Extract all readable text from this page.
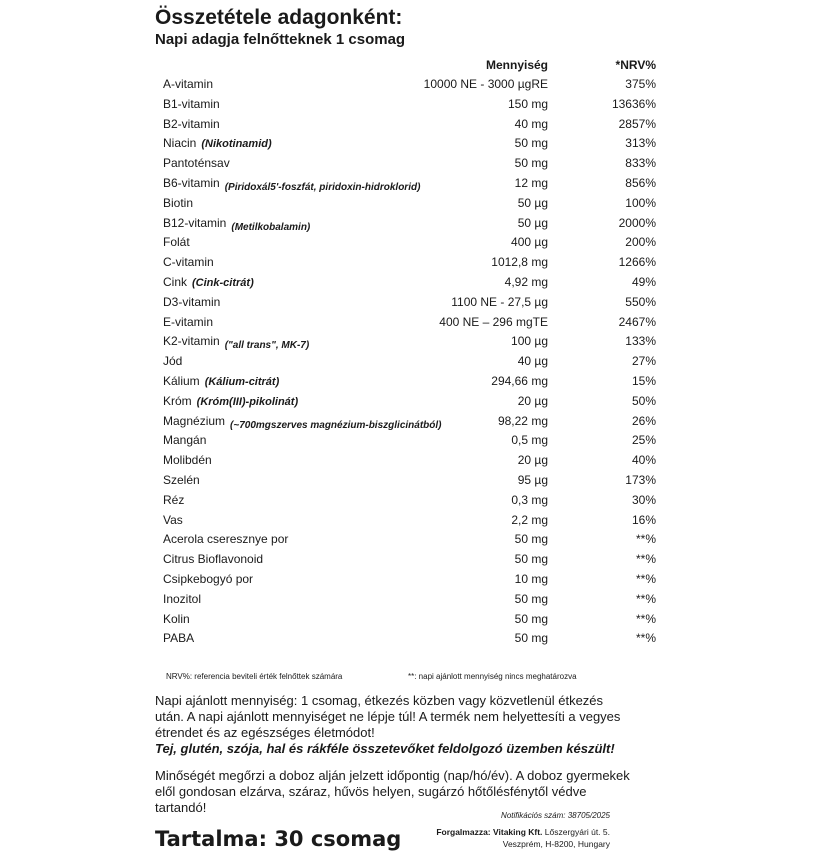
Összetétele adagonként:
Napi adagja felnőtteknek 1 csomag
Mennyiség	*NRV%
A-vitamin	10000 NE - 3000 µgRE	375%
B1-vitamin	150 mg	13636%
B2-vitamin	40 mg	2857%
Niacin (Nikotinamid)	50 mg	313%
Pantoténsav	50 mg	833%
B6-vitamin $_{(Piridoxál5'-foszfát, piridoxin-hidroklorid)}$	12 mg	856%
Biotin	50 µg	100%
B12-vitamin $_{(Metilkobalamin)}$	50 µg	2000%
Folát	400 µg	200%
C-vitamin	1012,8 mg	1266%
Cink (Cink-citrát)	4,92 mg	49%
D3-vitamin	1100 NE - 27,5 µg	550%
E-vitamin	400 NE – 296 mgTE	2467%
K2-vitamin $_{("all trans", MK-7)}$	100 µg	133%
Jód	40 µg	27%
Kálium (Kálium-citrát)	294,66 mg	15%
Króm (Króm(III)-pikolinát)	20 µg	50%
Magnézium $_{(\sim 700mgszerves magnézium-biszglicinátból)}$	98,22 mg	26%
Mangán	0,5 mg	25%
Molibdén	20 µg	40%
Szelén	95 µg	173%
Réz	0,3 mg	30%
Vas	2,2 mg	16%
Acerola cseresznye por	50 mg	**%
Citrus Bioflavonoid	50 mg	**%
Csipkebogyó por	10 mg	**%
Inozitol	50 mg	**%
Kolin	50 mg	**%
PABA	50 mg	**%
NRV%: referencia beviteli érték felnőttek számára	**: napi ajánlott mennyiség nincs meghatározva
Napi ajánlott mennyiség: 1 csomag, étkezés közben vagy közvetlenül étkezés után. A napi ajánlott mennyiséget ne lépje túl! A termék nem helyettesíti a vegyes étrendet és az egészséges életmódot!
Tej, glutén, szója, hal és rákféle összetevőket feldolgozó üzemben készült!
Minőségét megőrzi a doboz alján jelzett időpontig (nap/hó/év). A doboz gyermekek elől gondosan elzárva, száraz, hűvös helyen, sugárzó hőtőlésfénytől védve tartandó!
Tartalma: 30 csomag
Notifikációs szám: 38705/2025
Forgalmazza: Vitaking Kft. Lőszergyári út. 5.
Veszprém, H-8200, Hungary
